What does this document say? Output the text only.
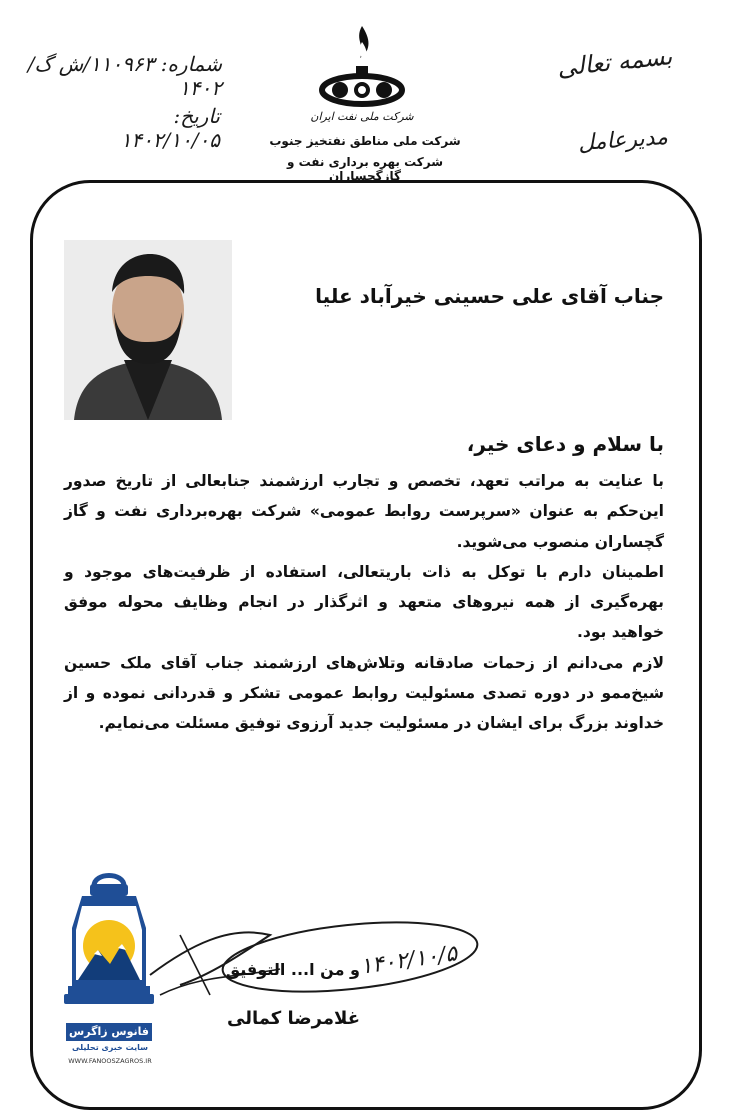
بسمه تعالی
مدیرعامل
شماره: ۱۱۰۹۶۳/ش گ/۱۴۰۲
تاریخ: ۱۴۰۲/۱۰/۰۵
شرکت ملی نفت ایران
شرکت ملی مناطق نفتخیز جنوب
شرکت بهره برداری نفت و گازگچساران
جناب آقای علی حسینی خیرآباد علیا
با سلام و دعای خیر،

با عنایت به مراتب تعهد، تخصص و تجارب ارزشمند جنابعالی از تاریخ صدور این‌حکم به عنوان «سرپرست روابط عمومی» شرکت بهره‌برداری نفت و گاز گچساران منصوب می‌شوید.

اطمینان دارم با توکل به ذات باریتعالی، استفاده از ظرفیت‌های موجود و بهره‌گیری از همه نیروهای متعهد و اثرگذار در انجام وظایف محوله موفق خواهید بود.

لازم می‌دانم از زحمات صادقانه وتلاش‌های ارزشمند جناب آقای ملک حسین شیخ‌ممو در دوره تصدی مسئولیت روابط عمومی تشکر و قدردانی نموده و از خداوند بزرگ برای ایشان در مسئولیت جدید آرزوی توفیق مسئلت می‌نمایم.

۱۴۰۲/۱۰/۵
و من ا... التوفیق
غلامرضا کمالی
فانوس زاگرس
سایت خبری تحلیلی
WWW.FANOOSZAGROS.IR
